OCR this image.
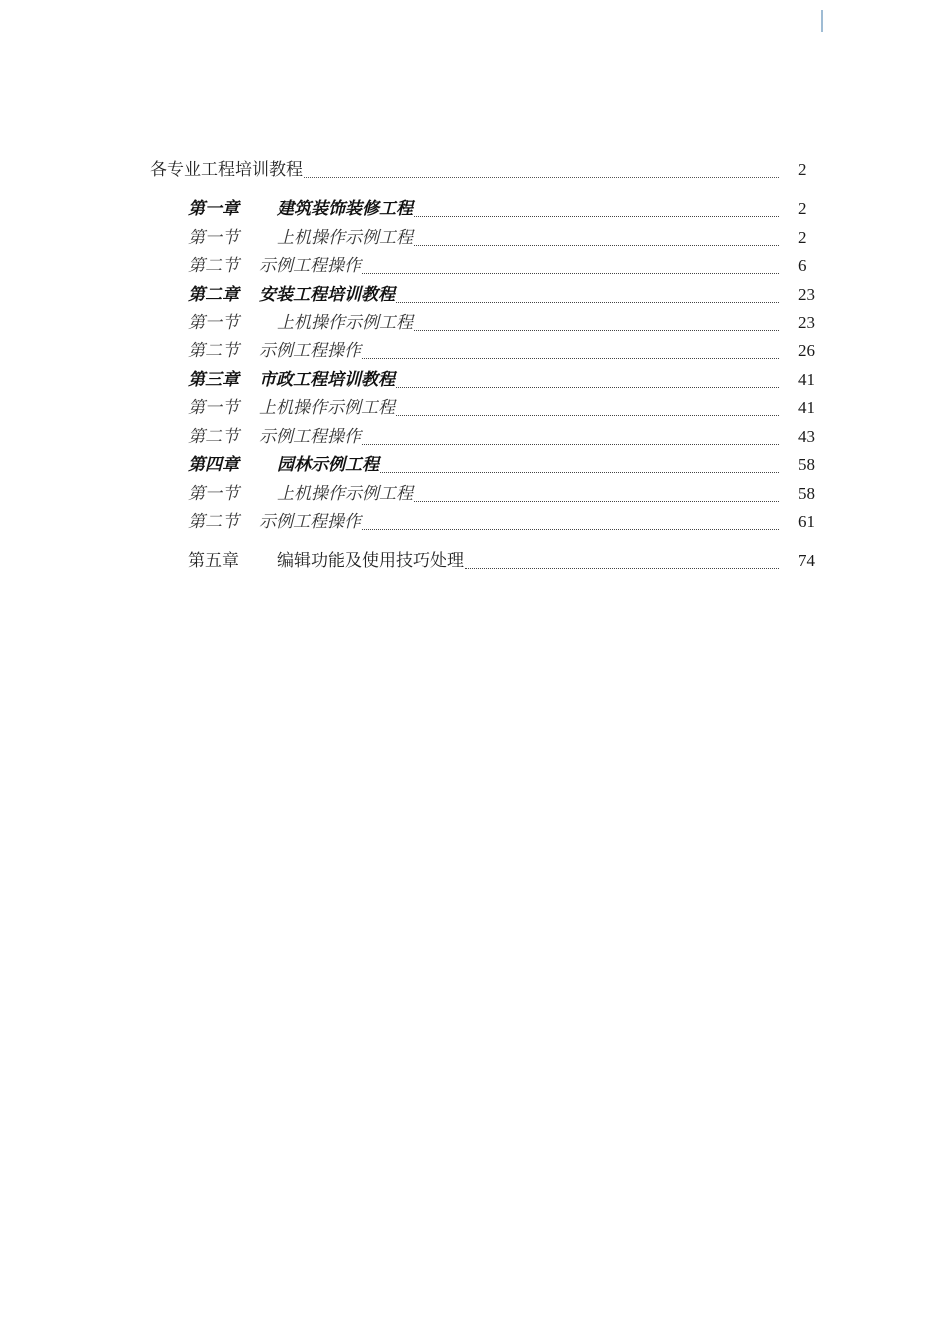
各专业工程培训教程	2
第一章 建筑装饰装修工程	2
第一节 上机操作示例工程	2
第二节 示例工程操作	6
第二章 安装工程培训教程	23
第一节 上机操作示例工程	23
第二节 示例工程操作	26
第三章 市政工程培训教程	41
第一节 上机操作示例工程	41
第二节 示例工程操作	43
第四章 园林示例工程	58
第一节 上机操作示例工程	58
第二节 示例工程操作	61
第五章 编辑功能及使用技巧处理	74
